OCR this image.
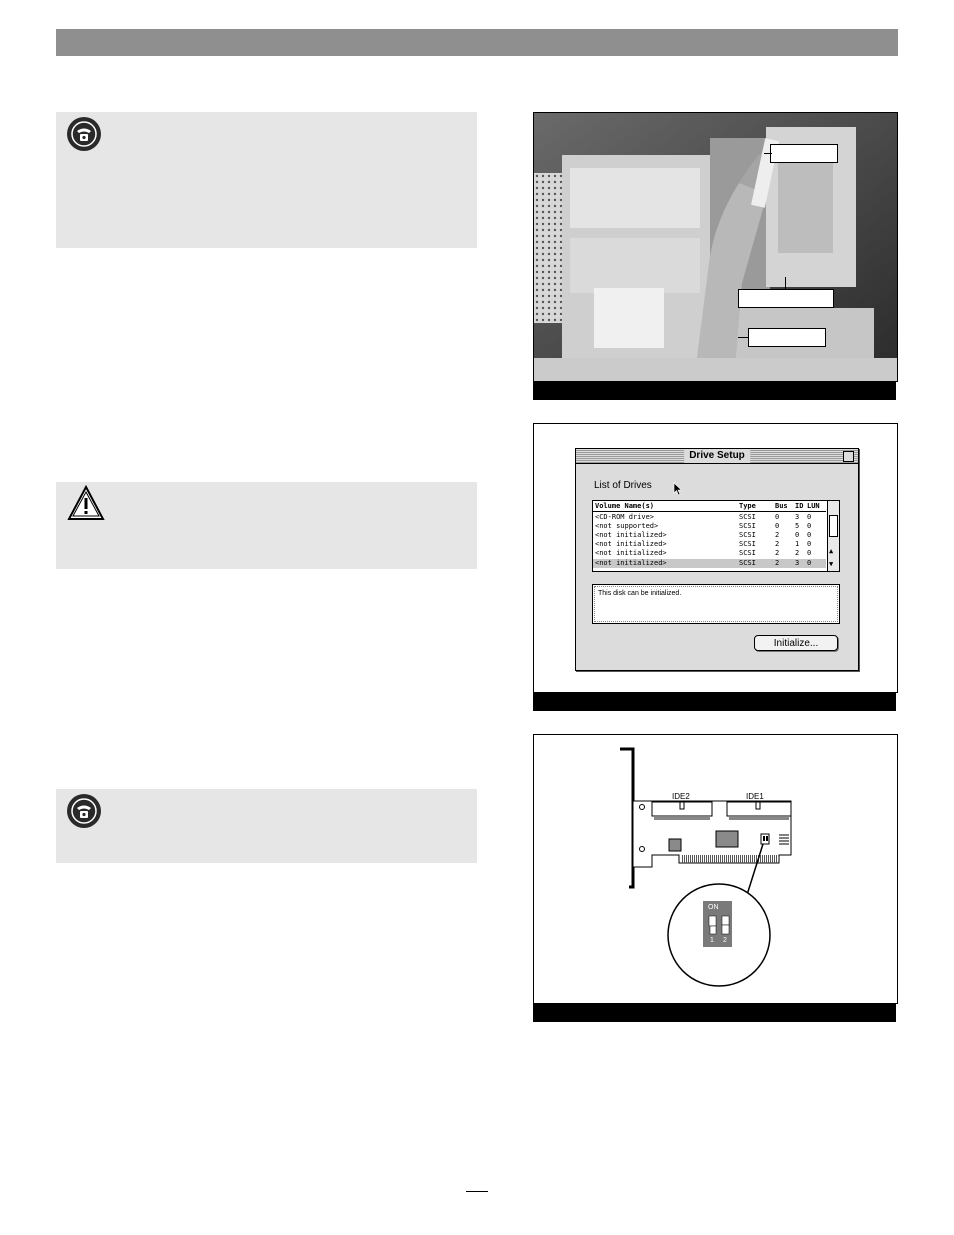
Drive Setup
List of Drives
Volume Name(s)	Type	Bus ID LUN
<CD-ROM drive>	SCSI	0 3 0
<not supported>	SCSI	0 5 0
<not initialized>	SCSI	2 0 0
<not initialized>	SCSI	2 1 0
<not initialized>	SCSI	2 2 0
<not initialized>	SCSI	2 3 0
▲
▼
This disk can be initialized.
Initialize...
IDE2	IDE1
ON
1 2
